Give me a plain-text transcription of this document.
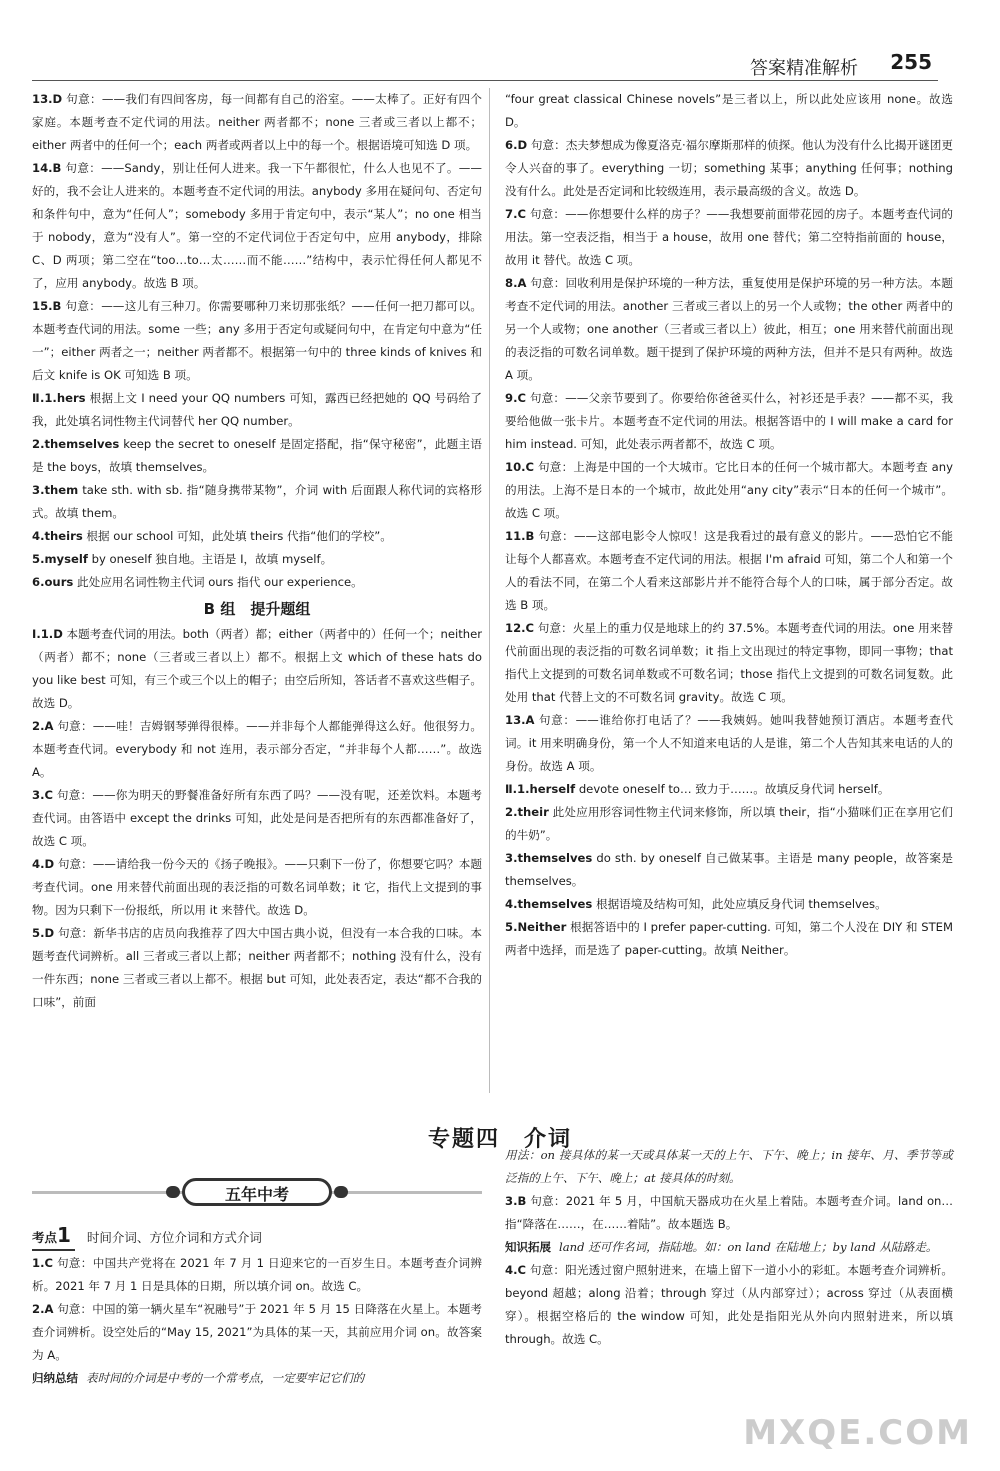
答案精准解析 255

13.D 句意：——我们有四间客房，每一间都有自己的浴室。——太棒了。正好有四个家庭。本题考查不定代词的用法。neither 两者都不；none 三者或三者以上都不；either 两者中的任何一个；each 两者或两者以上中的每一个。根据语境可知选 D 项。

14.B 句意：——Sandy，别让任何人进来。我一下午都很忙，什么人也见不了。——好的，我不会让人进来的。本题考查不定代词的用法。anybody 多用在疑问句、否定句和条件句中，意为“任何人”；somebody 多用于肯定句中，表示“某人”；no one 相当于 nobody，意为“没有人”。第一空的不定代词位于否定句中，应用 anybody，排除 C、D 两项；第二空在“too…to…太……而不能……”结构中，表示忙得任何人都见不了，应用 anybody。故选 B 项。

15.B 句意：——这儿有三种刀。你需要哪种刀来切那张纸？——任何一把刀都可以。本题考查代词的用法。some 一些；any 多用于否定句或疑问句中，在肯定句中意为“任一”；either 两者之一；neither 两者都不。根据第一句中的 three kinds of knives 和后文 knife is OK 可知选 B 项。

Ⅱ.1.hers 根据上文 I need your QQ numbers 可知，露西已经把她的 QQ 号码给了我，此处填名词性物主代词替代 her QQ number。

2.themselves keep the secret to oneself 是固定搭配，指“保守秘密”，此题主语是 the boys，故填 themselves。

3.them take sth. with sb. 指“随身携带某物”，介词 with 后面跟人称代词的宾格形式。故填 them。

4.theirs 根据 our school 可知，此处填 theirs 代指“他们的学校”。

5.myself by oneself 独自地。主语是 I，故填 myself。

6.ours 此处应用名词性物主代词 ours 指代 our experience。

B 组　提升题组

Ⅰ.1.D 本题考查代词的用法。both（两者）都；either（两者中的）任何一个；neither（两者）都不；none（三者或三者以上）都不。根据上文 which of these hats do you like best 可知，有三个或三个以上的帽子；由空后所知，答话者不喜欢这些帽子。故选 D。

2.A 句意：——哇！吉姆钢琴弹得很棒。——并非每个人都能弹得这么好。他很努力。本题考查代词。everybody 和 not 连用，表示部分否定，“并非每个人都……”。故选 A。

3.C 句意：——你为明天的野餐准备好所有东西了吗？——没有呢，还差饮料。本题考查代词。由答语中 except the drinks 可知，此处是问是否把所有的东西都准备好了，故选 C 项。

4.D 句意：——请给我一份今天的《扬子晚报》。——只剩下一份了，你想要它吗？本题考查代词。one 用来替代前面出现的表泛指的可数名词单数；it 它，指代上文提到的事物。因为只剩下一份报纸，所以用 it 来替代。故选 D。

5.D 句意：新华书店的店员向我推荐了四大中国古典小说，但没有一本合我的口味。本题考查代词辨析。all 三者或三者以上都；neither 两者都不；nothing 没有什么，没有一件东西；none 三者或三者以上都不。根据 but 可知，此处表否定，表达“都不合我的口味”，前面

“four great classical Chinese novels”是三者以上，所以此处应该用 none。故选 D。

6.D 句意：杰夫梦想成为像夏洛克·福尔摩斯那样的侦探。他认为没有什么比揭开谜团更令人兴奋的事了。everything 一切；something 某事；anything 任何事；nothing 没有什么。此处是否定词和比较级连用，表示最高级的含义。故选 D。

7.C 句意：——你想要什么样的房子？——我想要前面带花园的房子。本题考查代词的用法。第一空表泛指，相当于 a house，故用 one 替代；第二空特指前面的 house，故用 it 替代。故选 C 项。

8.A 句意：回收利用是保护环境的一种方法，重复使用是保护环境的另一种方法。本题考查不定代词的用法。another 三者或三者以上的另一个人或物；the other 两者中的另一个人或物；one another（三者或三者以上）彼此，相互；one 用来替代前面出现的表泛指的可数名词单数。题干提到了保护环境的两种方法，但并不是只有两种。故选 A 项。

9.C 句意：——父亲节要到了。你要给你爸爸买什么，衬衫还是手表？——都不买，我要给他做一张卡片。本题考查不定代词的用法。根据答语中的 I will make a card for him instead. 可知，此处表示两者都不，故选 C 项。

10.C 句意：上海是中国的一个大城市。它比日本的任何一个城市都大。本题考查 any 的用法。上海不是日本的一个城市，故此处用“any city”表示“日本的任何一个城市”。故选 C 项。

11.B 句意：——这部电影令人惊叹！这是我看过的最有意义的影片。——恐怕它不能让每个人都喜欢。本题考查不定代词的用法。根据 I'm afraid 可知，第二个人和第一个人的看法不同，在第二个人看来这部影片并不能符合每个人的口味，属于部分否定。故选 B 项。

12.C 句意：火星上的重力仅是地球上的约 37.5%。本题考查代词的用法。one 用来替代前面出现的表泛指的可数名词单数；it 指上文出现过的特定事物，即同一事物；that 指代上文提到的可数名词单数或不可数名词；those 指代上文提到的可数名词复数。此处用 that 代替上文的不可数名词 gravity。故选 C 项。

13.A 句意：——谁给你打电话了？——我姨妈。她叫我替她预订酒店。本题考查代词。it 用来明确身份，第一个人不知道来电话的人是谁，第二个人告知其来电话的人的身份。故选 A 项。

Ⅱ.1.herself devote oneself to… 致力于……。故填反身代词 herself。

2.their 此处应用形容词性物主代词来修饰，所以填 their，指“小猫咪们正在享用它们的牛奶”。

3.themselves do sth. by oneself 自己做某事。主语是 many people，故答案是 themselves。

4.themselves 根据语境及结构可知，此处应填反身代词 themselves。

5.Neither 根据答语中的 I prefer paper-cutting. 可知，第二个人没在 DIY 和 STEM 两者中选择，而是选了 paper-cutting。故填 Neither。

专题四　介词
五年中考
考点1 时间介词、方位介词和方式介词

1.C 句意：中国共产党将在 2021 年 7 月 1 日迎来它的一百岁生日。本题考查介词辨析。2021 年 7 月 1 日是具体的日期，所以填介词 on。故选 C。

2.A 句意：中国的第一辆火星车“祝融号”于 2021 年 5 月 15 日降落在火星上。本题考查介词辨析。设空处后的“May 15, 2021”为具体的某一天，其前应用介词 on。故答案为 A。

归纳总结 表时间的介词是中考的一个常考点，一定要牢记它们的

用法：on 接具体的某一天或具体某一天的上午、下午、晚上；in 接年、月、季节等或泛指的上午、下午、晚上；at 接具体的时刻。

3.B 句意：2021 年 5 月，中国航天器成功在火星上着陆。本题考查介词。land on…指“降落在……，在……着陆”。故本题选 B。

知识拓展 land 还可作名词，指陆地。如：on land 在陆地上；by land 从陆路走。

4.C 句意：阳光透过窗户照射进来，在墙上留下一道小小的彩虹。本题考查介词辨析。beyond 超越；along 沿着；through 穿过（从内部穿过）；across 穿过（从表面横穿）。根据空格后的 the window 可知，此处是指阳光从外向内照射进来，所以填 through。故选 C。

MXQE.COM
